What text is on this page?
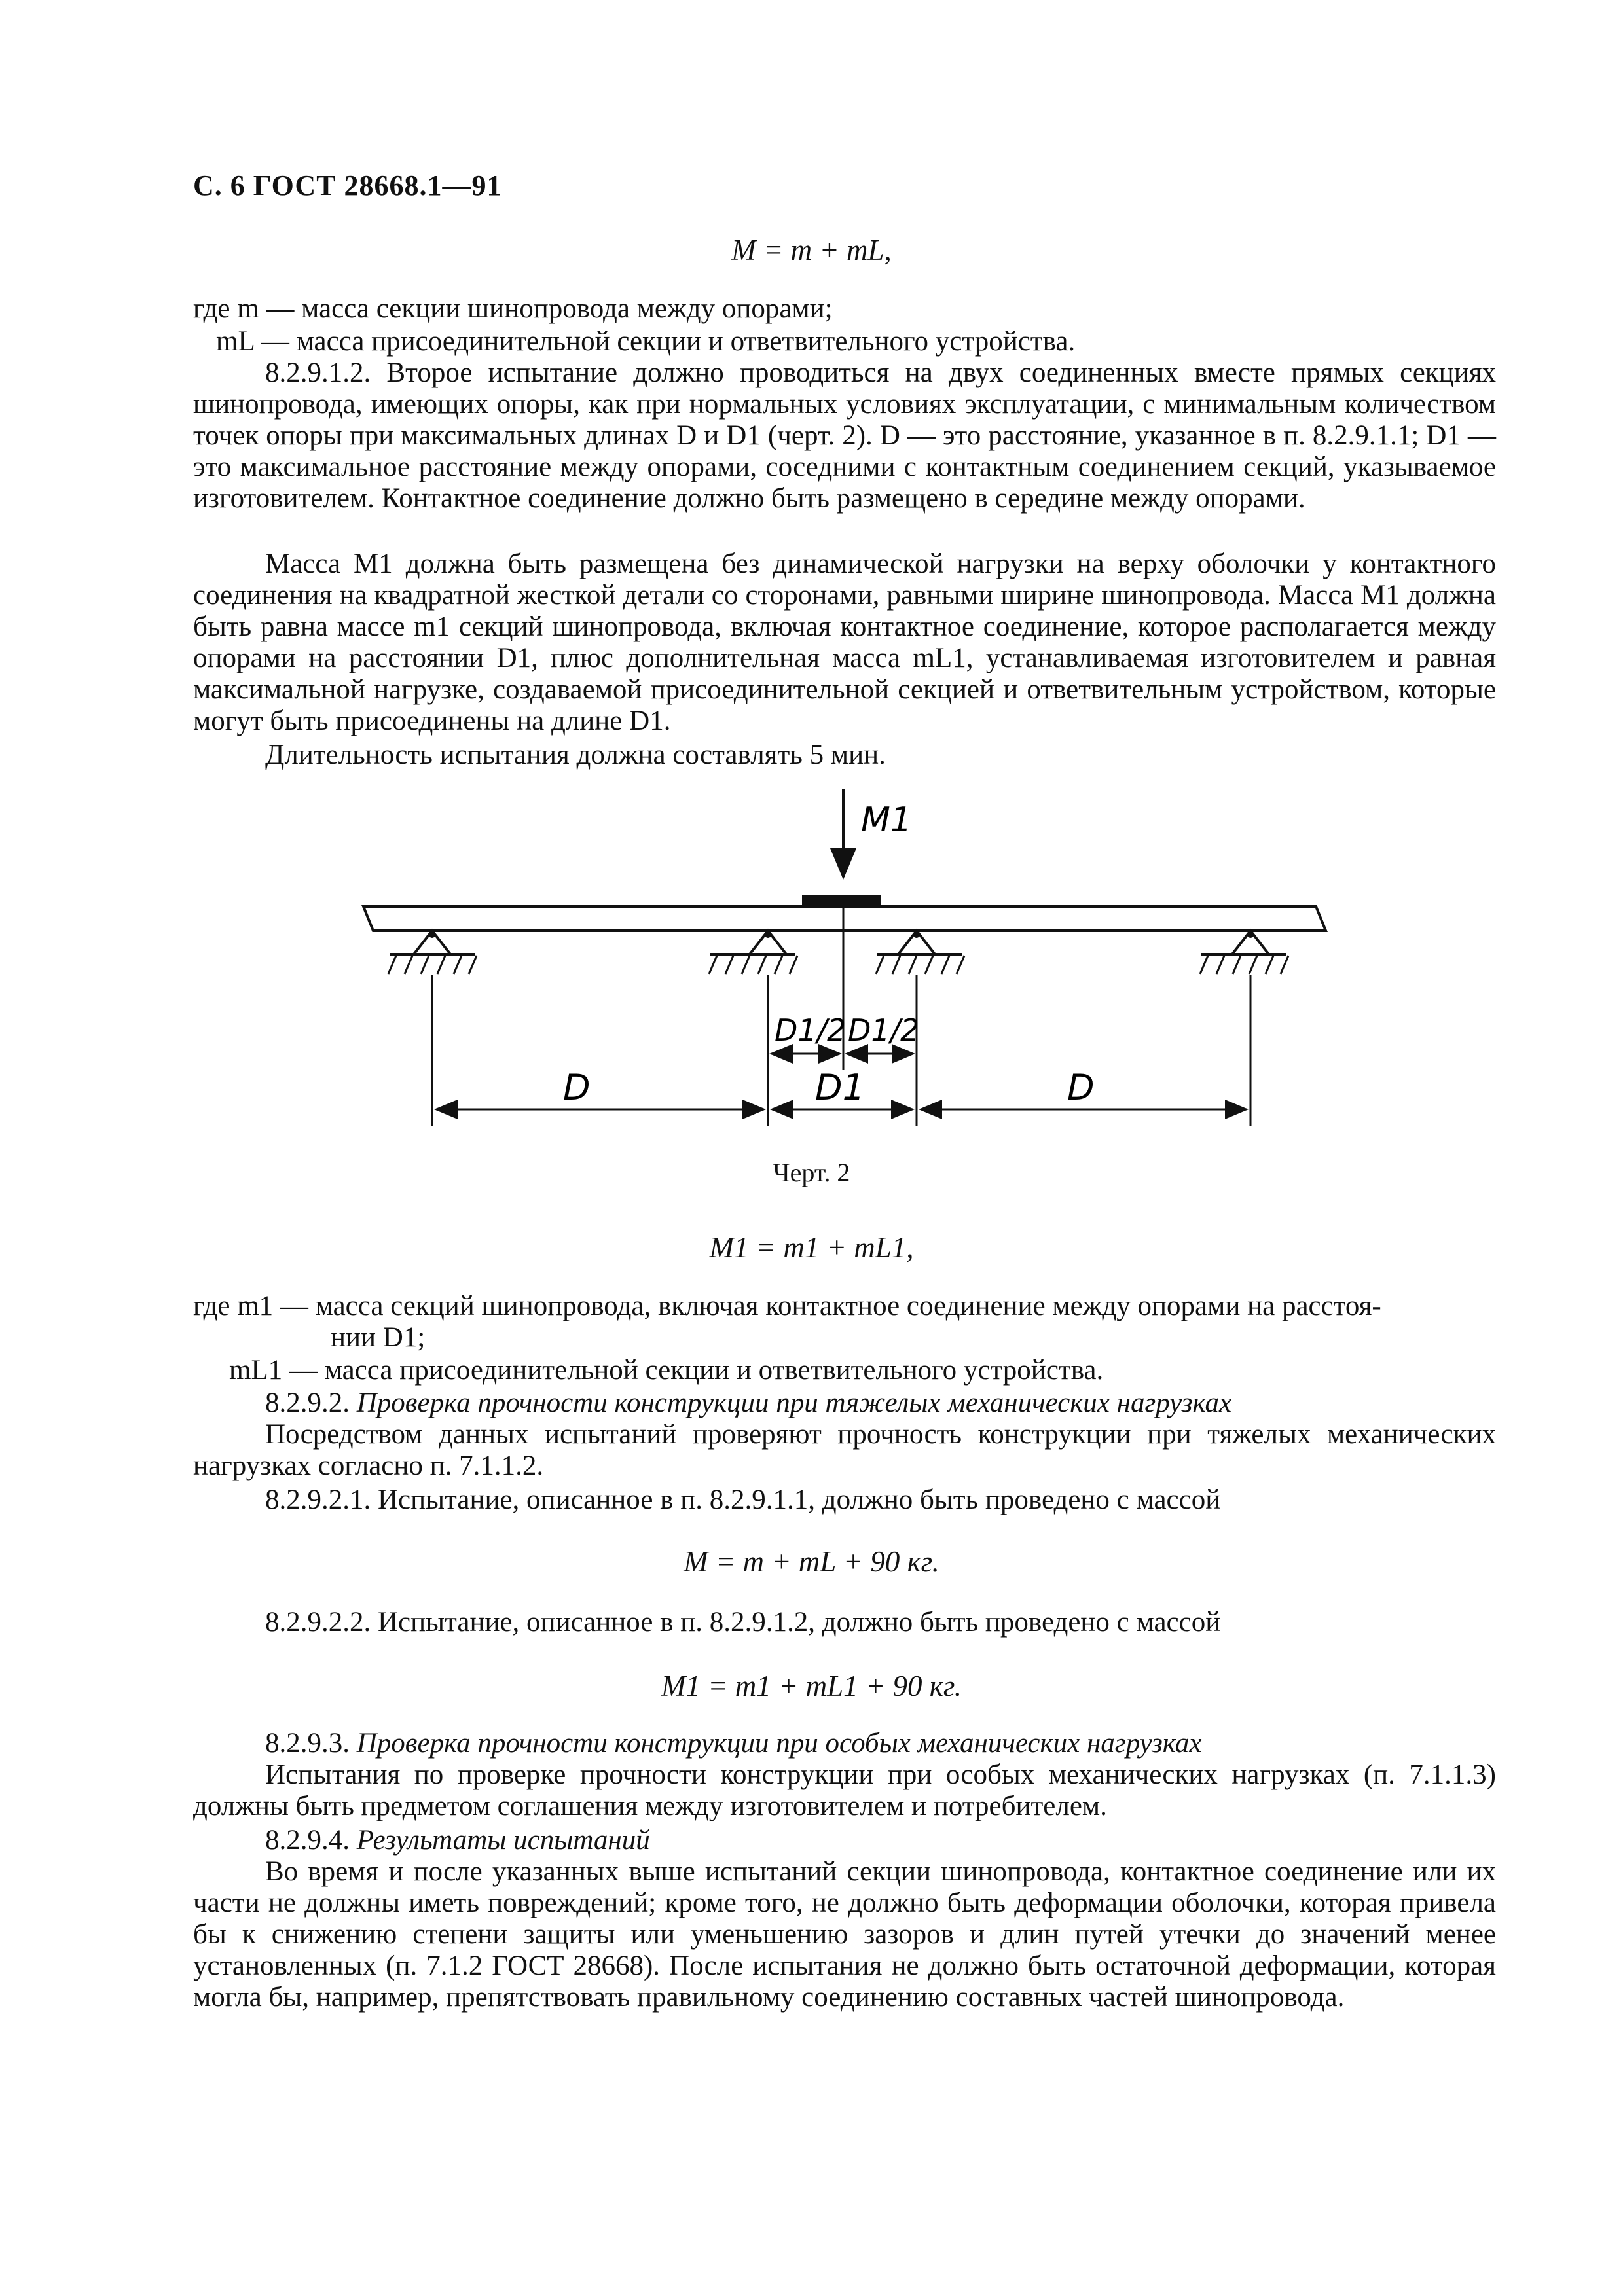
С. 6 ГОСТ 28668.1—91
M = m + mL,
где m — масса секции шинопровода между опорами;
mL — масса присоединительной секции и ответвительного устройства.
8.2.9.1.2. Второе испытание должно проводиться на двух соединенных вместе прямых секциях шинопровода, имеющих опоры, как при нормальных условиях эксплуатации, с минимальным количеством точек опоры при максимальных длинах D и D1 (черт. 2). D — это расстояние, указанное в п. 8.2.9.1.1; D1 — это максимальное расстояние между опорами, соседними с контактным соединением секций, указываемое изготовителем. Контактное соединение должно быть размещено в середине между опорами.
Масса M1 должна быть размещена без динамической нагрузки на верху оболочки у контактного соединения на квадратной жесткой детали со сторонами, равными ширине шинопровода. Масса M1 должна быть равна массе m1 секций шинопровода, включая контактное соединение, которое располагается между опорами на расстоянии D1, плюс дополнительная масса mL1, устанавливаемая изготовителем и равная максимальной нагрузке, создаваемой присоединительной секцией и ответвительным устройством, которые могут быть присоединены на длине D1.
Длительность испытания должна составлять 5 мин.
M1
D1/2 D1/2
D	D1	D
Черт. 2
M1 = m1 + mL1,
где m1 — масса секций шинопровода, включая контактное соединение между опорами на расстоя-
нии D1;
mL1 — масса присоединительной секции и ответвительного устройства.
8.2.9.2. Проверка прочности конструкции при тяжелых механических нагрузках
Посредством данных испытаний проверяют прочность конструкции при тяжелых механических нагрузках согласно п. 7.1.1.2.
8.2.9.2.1. Испытание, описанное в п. 8.2.9.1.1, должно быть проведено с массой
M = m + mL + 90 кг.
8.2.9.2.2. Испытание, описанное в п. 8.2.9.1.2, должно быть проведено с массой
M1 = m1 + mL1 + 90 кг.
8.2.9.3. Проверка прочности конструкции при особых механических нагрузках
Испытания по проверке прочности конструкции при особых механических нагрузках (п. 7.1.1.3) должны быть предметом соглашения между изготовителем и потребителем.
8.2.9.4. Результаты испытаний
Во время и после указанных выше испытаний секции шинопровода, контактное соединение или их части не должны иметь повреждений; кроме того, не должно быть деформации оболочки, которая привела бы к снижению степени защиты или уменьшению зазоров и длин путей утечки до значений менее установленных (п. 7.1.2 ГОСТ 28668). После испытания не должно быть остаточной деформации, которая могла бы, например, препятствовать правильному соединению составных частей шинопровода.
